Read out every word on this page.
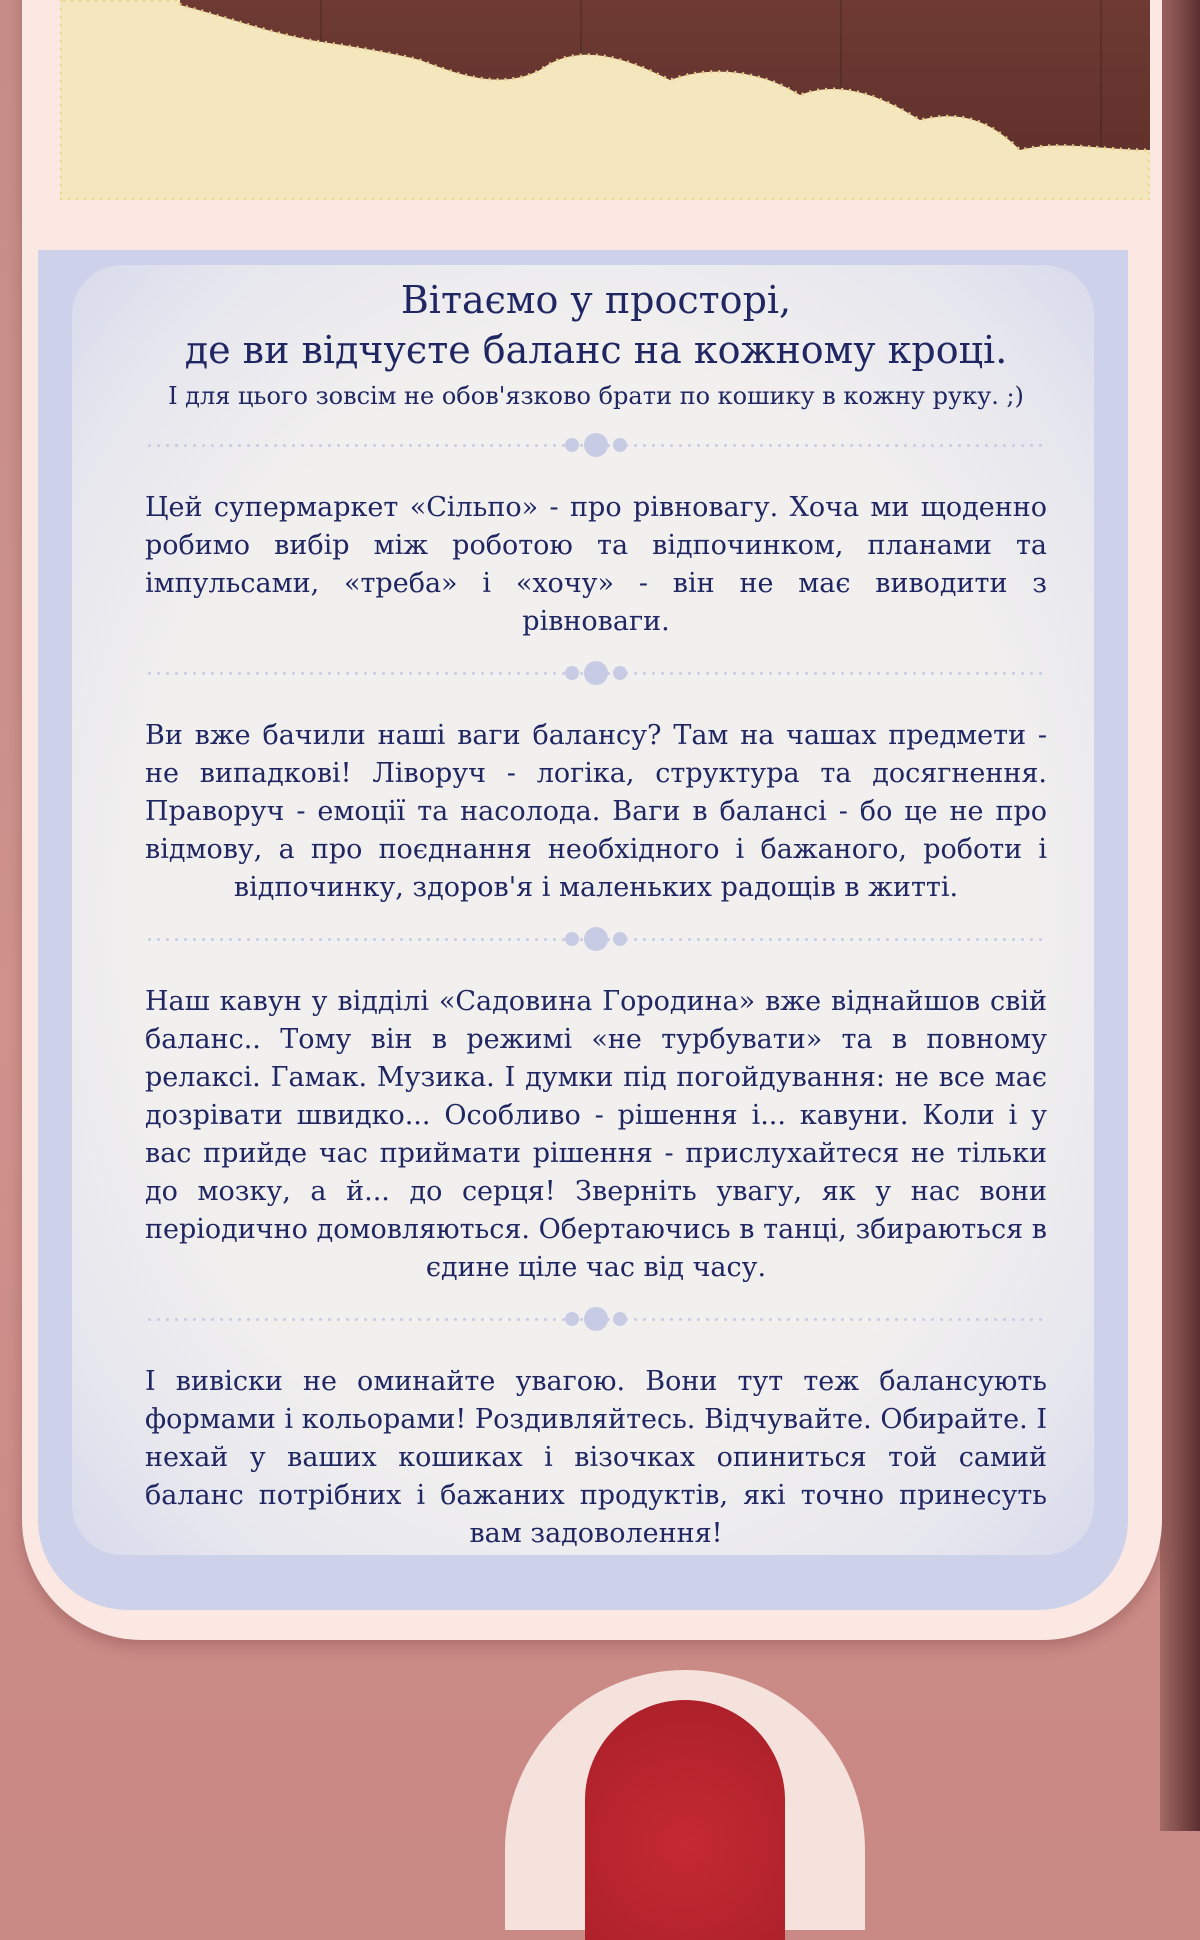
Вітаємо у просторі,
де ви відчуєте баланс на кожному кроці.

І для цього зовсім не обов'язково брати по кошику в кожну руку. ;)

Цей супермаркет «Сільпо» - про рівновагу. Хоча ми щоденно робимо вибір між роботою та відпочинком, планами та імпульсами, «треба» і «хочу» - він не має виводити з рівноваги.

Ви вже бачили наші ваги балансу? Там на чашах предмети - не випадкові! Ліворуч - логіка, структура та досягнення. Праворуч - емоції та насолода. Ваги в балансі - бо це не про відмову, а про поєднання необхідного і бажаного, роботи і відпочинку, здоров'я і маленьких радощів в житті.

Наш кавун у відділі «Садовина Городина» вже віднайшов свій баланс.. Тому він в режимі «не турбувати» та в повному релаксі. Гамак. Музика. І думки під погойдування: не все має дозрівати швидко... Особливо - рішення і... кавуни. Коли і у вас прийде час приймати рішення - прислухайтеся не тільки до мозку, а й... до серця! Зверніть увагу, як у нас вони періодично домовляються. Обертаючись в танці, збираються в єдине ціле час від часу.

І вивіски не оминайте увагою. Вони тут теж балансують формами і кольорами! Роздивляйтесь. Відчувайте. Обирайте. І нехай у ваших кошиках і візочках опиниться той самий баланс потрібних і бажаних продуктів, які точно принесуть вам задоволення!
